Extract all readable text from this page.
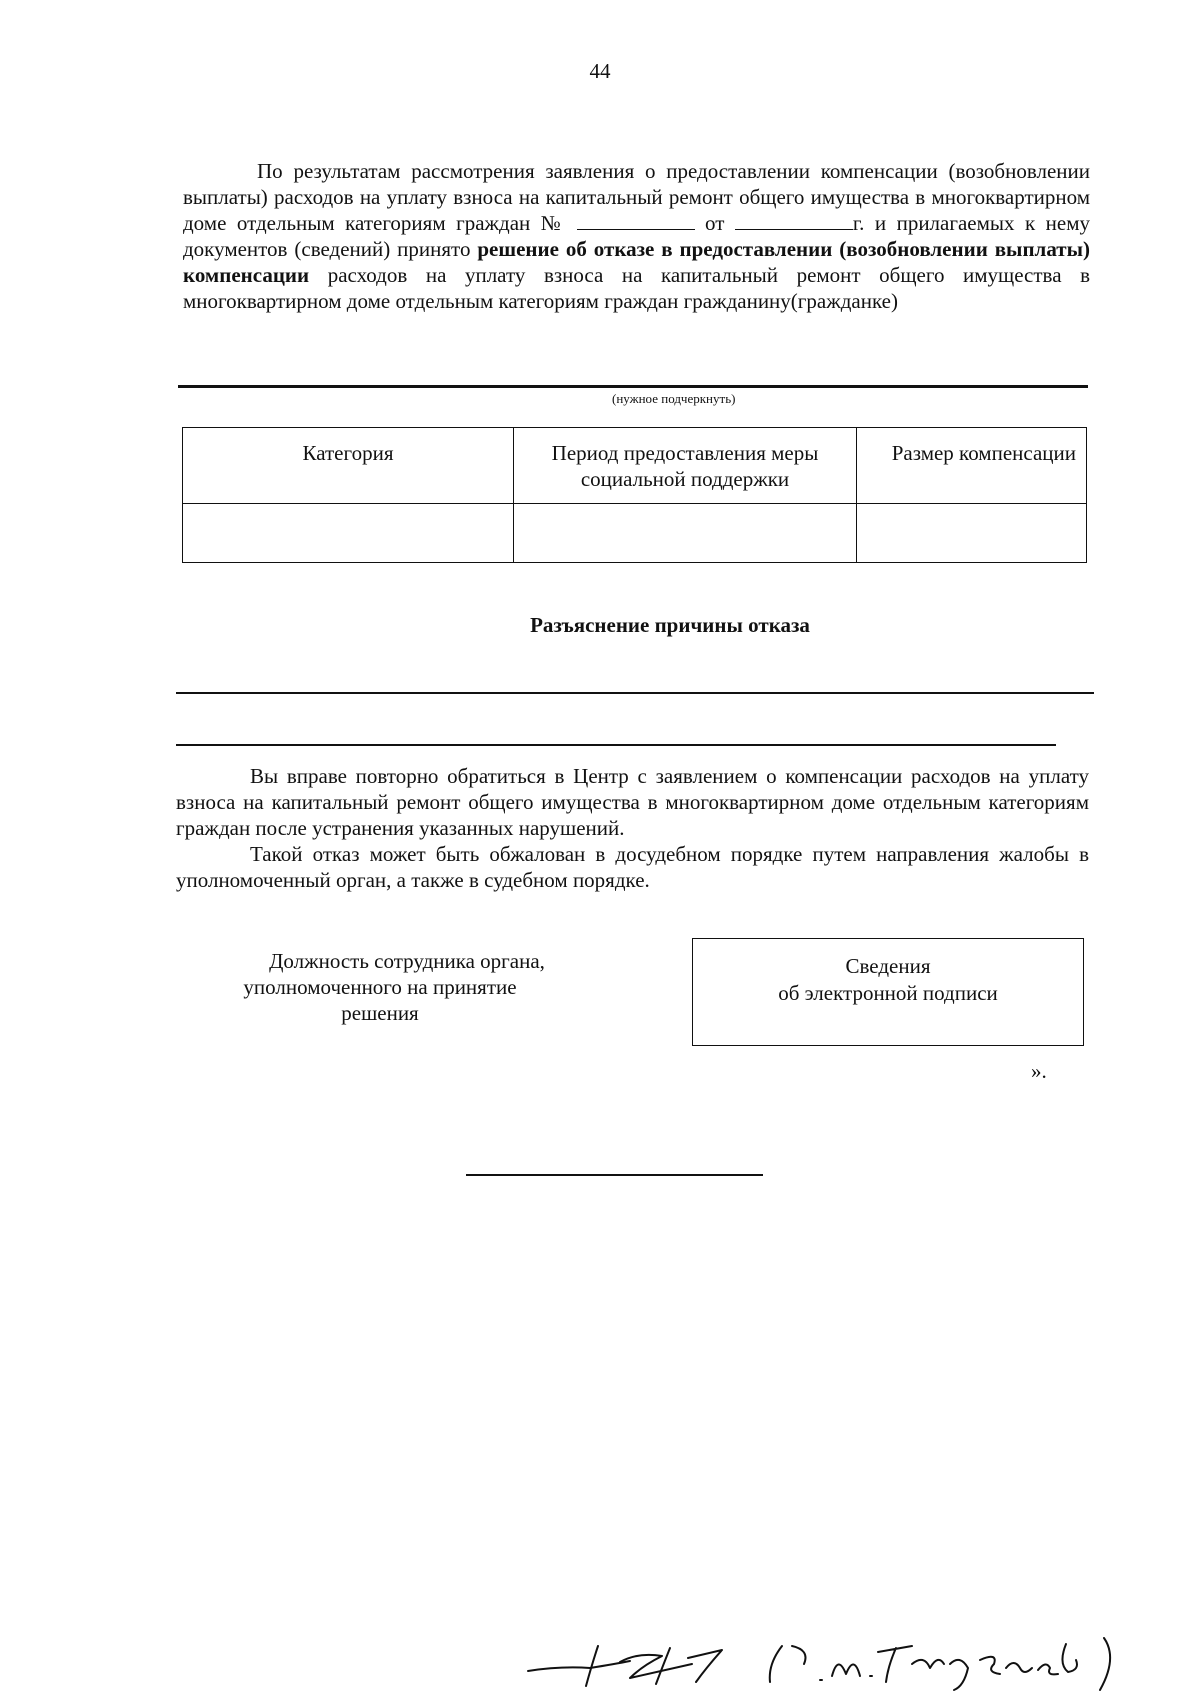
44

По результатам рассмотрения заявления о предоставлении компенсации (возобновлении выплаты) расходов на уплату взноса на капитальный ремонт общего имущества в многоквартирном доме отдельным категориям граждан №	от	г. и прилагаемых к нему документов (сведений) принято решение об отказе в предоставлении (возобновлении выплаты) компенсации расходов на уплату взноса на капитальный ремонт общего имущества в многоквартирном доме отдельным категориям граждан гражданину(гражданке)

(нужное подчеркнуть)
Категория	Период предоставления меры социальной поддержки	Размер компенсации

Разъяснение причины отказа

Вы вправе повторно обратиться в Центр с заявлением о компенсации расходов на уплату взноса на капитальный ремонт общего имущества в многоквартирном доме отдельным категориям граждан после устранения указанных нарушений.

Такой отказ может быть обжалован в досудебном порядке путем направления жалобы в уполномоченный орган, а также в судебном порядке.

Должность сотрудника органа,
уполномоченного на принятие
решения
Сведения
об электронной подписи
».
